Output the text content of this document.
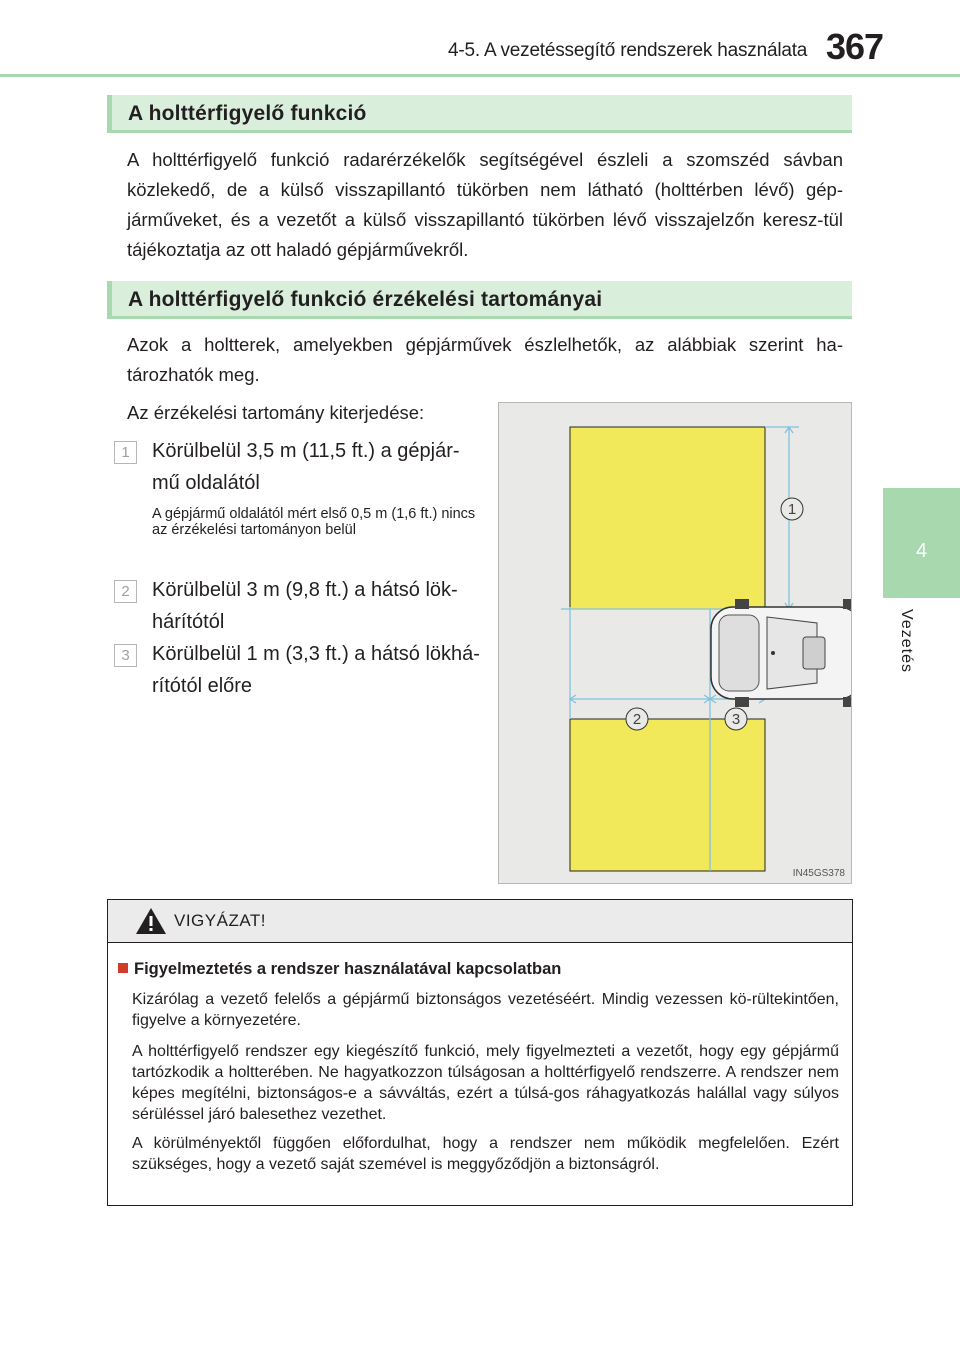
4-5. A vezetéssegítő rendszerek használata 367
4
Vezetés
A holttérfigyelő funkció
A holttérfigyelő funkció radarérzékelők segítségével észleli a szomszéd sávban közlekedő, de a külső visszapillantó tükörben nem látható (holttérben lévő) gép-járműveket, és a vezetőt a külső visszapillantó tükörben lévő visszajelzőn keresz-tül tájékoztatja az ott haladó gépjárművekről.
A holttérfigyelő funkció érzékelési tartományai
Azok a holtterek, amelyekben gépjárművek észlelhetők, az alábbiak szerint ha-tározhatók meg.
Az érzékelési tartomány kiterjedése:
1	Körülbelül 3,5 m (11,5 ft.) a gépjár-mű oldalától
A gépjármű oldalától mért első 0,5 m (1,6 ft.) nincs az érzékelési tartományon belül
2	Körülbelül 3 m (9,8 ft.) a hátsó lök-hárítótól
3	Körülbelül 1 m (3,3 ft.) a hátsó lökhá-rítótól előre
1
2	3
IN45GS378
VIGYÁZAT!
Figyelmeztetés a rendszer használatával kapcsolatban
Kizárólag a vezető felelős a gépjármű biztonságos vezetéséért. Mindig vezessen kö-rültekintően, figyelve a környezetére.
A holttérfigyelő rendszer egy kiegészítő funkció, mely figyelmezteti a vezetőt, hogy egy gépjármű tartózkodik a holtterében. Ne hagyatkozzon túlságosan a holttérfigyelő rendszerre. A rendszer nem képes megítélni, biztonságos-e a sávváltás, ezért a túlsá-gos ráhagyatkozás halállal vagy súlyos sérüléssel járó balesethez vezethet.
A körülményektől függően előfordulhat, hogy a rendszer nem működik megfelelően. Ezért szükséges, hogy a vezető saját szemével is meggyőződjön a biztonságról.
